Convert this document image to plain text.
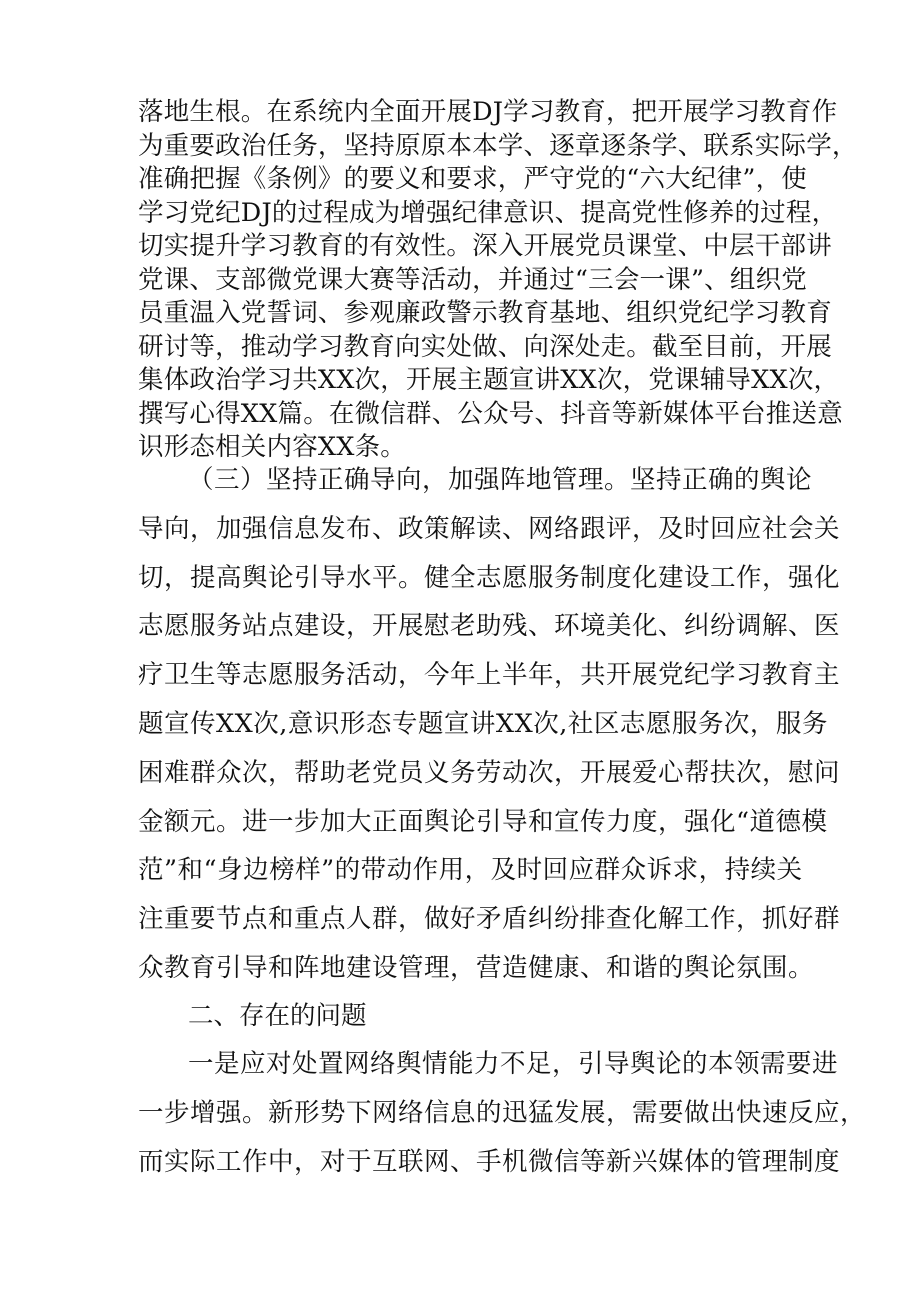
落地生根。在系统内全面开展DJ学习教育，把开展学习教育作
为重要政治任务，坚持原原本本学、逐章逐条学、联系实际学，
准确把握《条例》的要义和要求，严守党的“六大纪律”，使
学习党纪DJ的过程成为增强纪律意识、提高党性修养的过程，
切实提升学习教育的有效性。深入开展党员课堂、中层干部讲
党课、支部微党课大赛等活动，并通过“三会一课”、组织党
员重温入党誓词、参观廉政警示教育基地、组织党纪学习教育
研讨等，推动学习教育向实处做、向深处走。截至目前，开展
集体政治学习共XX次，开展主题宣讲XX次，党课辅导XX次，
撰写心得XX篇。在微信群、公众号、抖音等新媒体平台推送意
识形态相关内容XX条。
（三）坚持正确导向，加强阵地管理。坚持正确的舆论
导向，加强信息发布、政策解读、网络跟评，及时回应社会关
切，提高舆论引导水平。健全志愿服务制度化建设工作，强化
志愿服务站点建设，开展慰老助残、环境美化、纠纷调解、医
疗卫生等志愿服务活动，今年上半年，共开展党纪学习教育主
题宣传XX次,意识形态专题宣讲XX次,社区志愿服务次，服务
困难群众次，帮助老党员义务劳动次，开展爱心帮扶次，慰问
金额元。进一步加大正面舆论引导和宣传力度，强化“道德模
范”和“身边榜样”的带动作用，及时回应群众诉求，持续关
注重要节点和重点人群，做好矛盾纠纷排查化解工作，抓好群
众教育引导和阵地建设管理，营造健康、和谐的舆论氛围。
二、存在的问题
一是应对处置网络舆情能力不足，引导舆论的本领需要进
一步增强。新形势下网络信息的迅猛发展，需要做出快速反应，
而实际工作中，对于互联网、手机微信等新兴媒体的管理制度
